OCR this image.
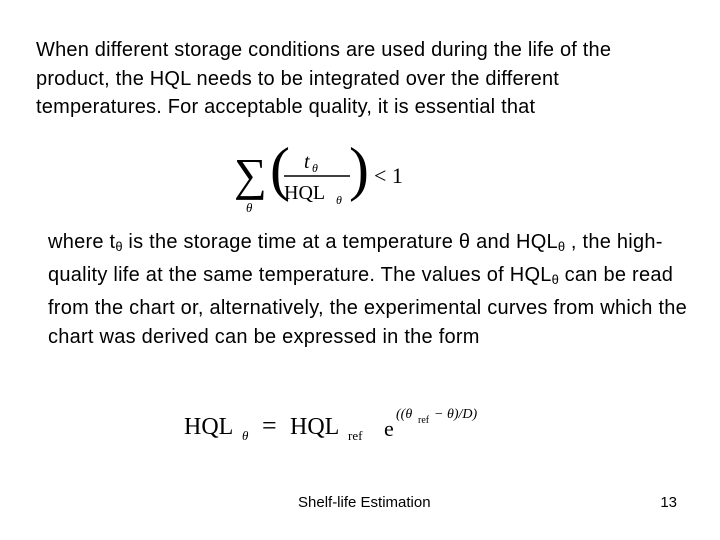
When different storage conditions are used during the life of the product, the HQL needs to be integrated over the different temperatures. For acceptable quality, it is essential that
∑
θ
( t θ
HQL θ ) < 1
where $t_\theta$ is the storage time at a temperature θ and $HQL_\theta$ , the high-quality life at the same temperature. The values of $HQL_\theta$ can be read from the chart or, alternatively, the experimental curves from which the chart was derived can be expressed in the form
HQL θ = HQL ref e
((θ ref − θ)/D)
Shelf-life Estimation	13
